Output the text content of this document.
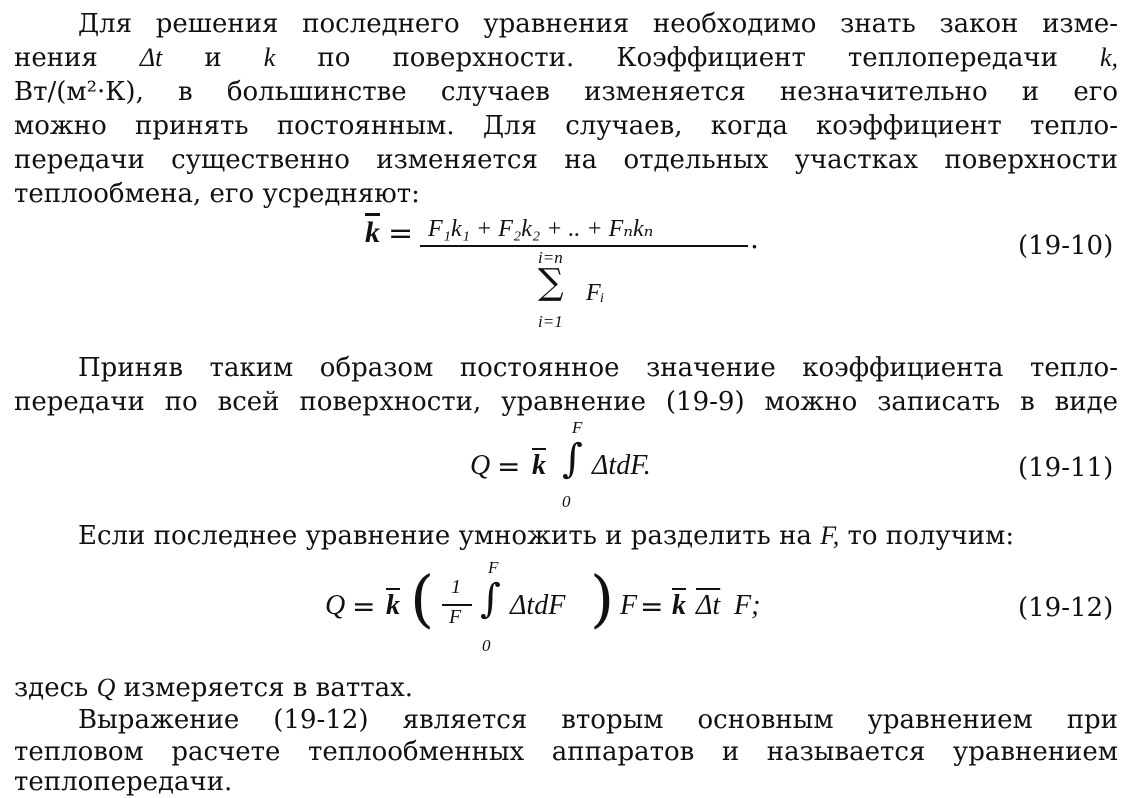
Для решения последнего уравнения необходимо знать закон изме-
нения Δt и k по поверхности. Коэффициент теплопередачи k,
Вт/(м²·К), в большинстве случаев изменяется незначительно и его
можно принять постоянным. Для случаев, когда коэффициент тепло-
передачи существенно изменяется на отдельных участках поверхности
теплообмена, его усредняют:
$\overline{k} = F_1k_1 + F_2k_2$ + .. + Fₙkₙ	.
i=n
∑ Fᵢ
i=1
(19-10)
Приняв таким образом постоянное значение коэффициента тепло-
передачи по всей поверхности, уравнение (19-9) можно записать в виде
$Q = \overline{k}$
F
∫
0
ΔtdF.	(19-11)
Если последнее уравнение умножить и разделить на F, то получим:
$Q = \overline{k}$ ( 1
F
F
∫
0
ΔtdF ) $F = \overline{k}$ $\overline{\Delta t}$ F;	(19-12)
здесь Q измеряется в ваттах.
Выражение (19-12) является вторым основным уравнением при
тепловом расчете теплообменных аппаратов и называется уравнением
теплопередачи.
